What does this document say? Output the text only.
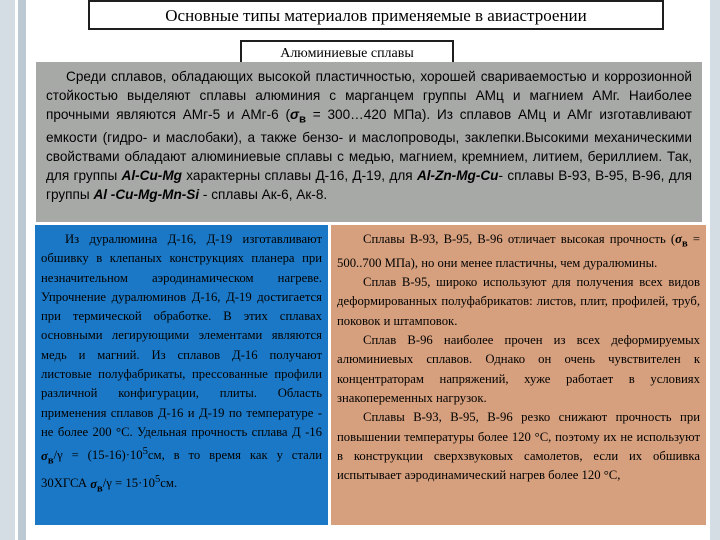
Основные типы материалов применяемые в авиастроении
Алюминиевые сплавы
Среди сплавов, обладающих высокой пластичностью, хорошей свариваемостью и коррозионной стойкостью выделяют сплавы алюминия с марганцем группы АМц и магнием АМг. Наиболее прочными являются АМг-5 и АМг-6 ($\sigma_в$ = 300…420 МПа). Из сплавов АМц и АМг изготавливают емкости (гидро- и маслобаки), а также бензо- и маслопроводы, заклепки.Высокими механическими свойствами обладают алюминиевые сплавы с медью, магнием, кремнием, литием, бериллием. Так, для группы Al-Cu-Mg характерны сплавы Д-16, Д-19, для Al-Zn-Mg-Cu- сплавы В-93, В-95, В-96, для группы Al -Cu-Mg-Mn-Si - сплавы Ак-6, Ак-8.

Из дуралюмина Д-16, Д-19 изготавливают обшивку в клепаных конструкциях планера при незначительном аэродинамическом нагреве. Упрочнение дуралюминов Д-16, Д-19 достигается при термической обработке. В этих сплавах основными легирующими элементами являются медь и магний. Из сплавов Д-16 получают листовые полуфабрикаты, прессованные профили различной конфигурации, плиты. Область применения сплавов Д-16 и Д-19 по температуре - не более 200 °С. Удельная прочность сплава Д -16 $\sigma_в/\gamma = (15-16)\cdot 10^5см$, в то время как у стали 30ХГСА $\sigma_в/\gamma = 15\cdot 10^5см$.

Сплавы В-93, В-95, В-96 отличает высокая прочность ($\sigma_в = 500..700$ МПа), но они менее пластичны, чем дуралюмины.

Сплав В-95, широко используют для получения всех видов деформированных полуфабрикатов: листов, плит, профилей, труб, поковок и штамповок.

Сплав В-96 наиболее прочен из всех деформируемых алюминиевых сплавов. Однако он очень чувствителен к концентраторам напряжений, хуже работает в условиях знакопеременных нагрузок.

Сплавы В-93, В-95, В-96 резко снижают прочность при повышении температуры более 120 °С, поэтому их не используют в конструкции сверхзвуковых самолетов, если их обшивка испытывает аэродинамический нагрев более 120 °С,
